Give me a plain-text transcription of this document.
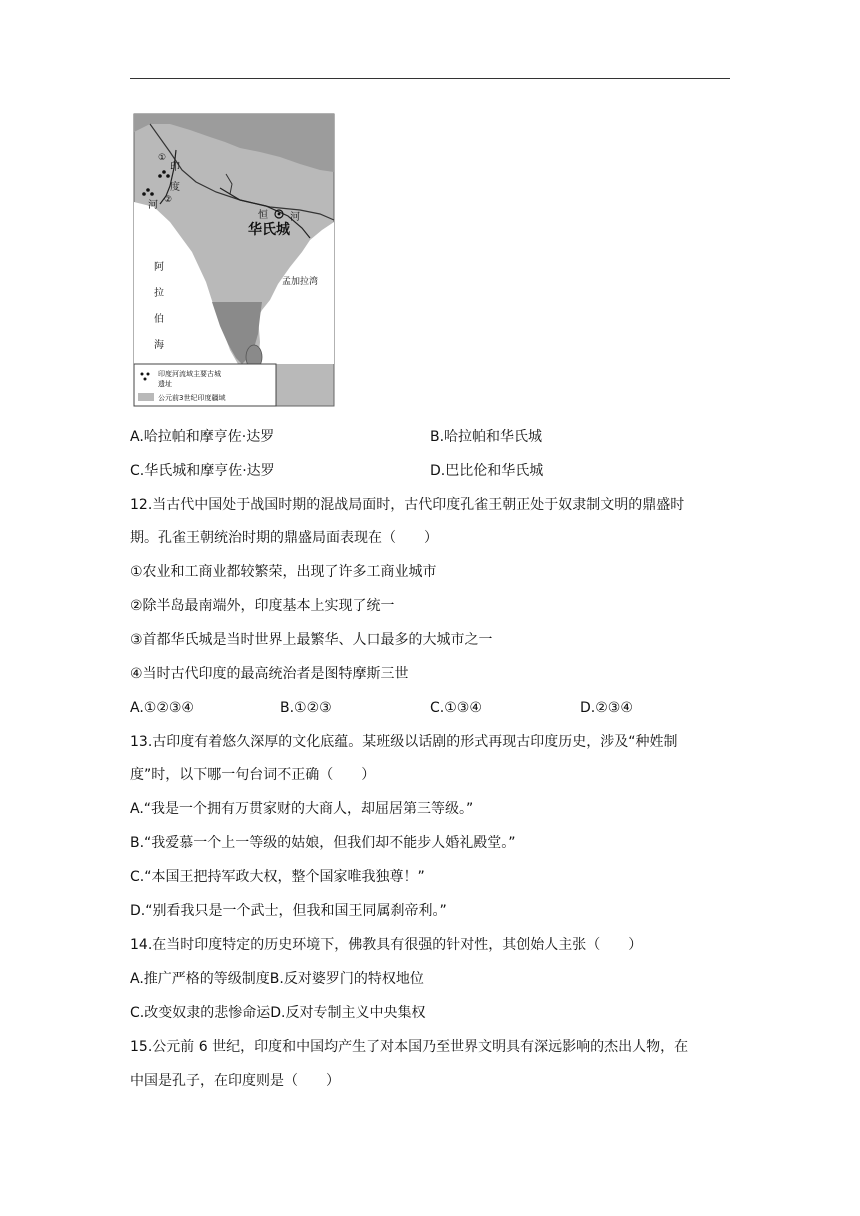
①
②
印
度
河
恒 河
华氏城
孟加拉湾
阿
拉
伯
海
印度河流域主要古城
遗址
公元前3世纪印度疆域
A.哈拉帕和摩亨佐·达罗	B.哈拉帕和华氏城
C.华氏城和摩亨佐·达罗	D.巴比伦和华氏城
12.当古代中国处于战国时期的混战局面时，古代印度孔雀王朝正处于奴隶制文明的鼎盛时
期。孔雀王朝统治时期的鼎盛局面表现在（　　）
①农业和工商业都较繁荣，出现了许多工商业城市
②除半岛最南端外，印度基本上实现了统一
③首都华氏城是当时世界上最繁华、人口最多的大城市之一
④当时古代印度的最高统治者是图特摩斯三世
A.①②③④	B.①②③	C.①③④	D.②③④
13.古印度有着悠久深厚的文化底蕴。某班级以话剧的形式再现古印度历史，涉及“种姓制
度”时，以下哪一句台词不正确（　　）
A.“我是一个拥有万贯家财的大商人，却屈居第三等级。”
B.“我爱慕一个上一等级的姑娘，但我们却不能步人婚礼殿堂。”
C.“本国王把持军政大权，整个国家唯我独尊！”
D.“别看我只是一个武士，但我和国王同属刹帝利。”
14.在当时印度特定的历史环境下，佛教具有很强的针对性，其创始人主张（　　）
A.推广严格的等级制度B.反对婆罗门的特权地位
C.改变奴隶的悲惨命运D.反对专制主义中央集权
15.公元前 6 世纪，印度和中国均产生了对本国乃至世界文明具有深远影响的杰出人物，在
中国是孔子，在印度则是（　　）
